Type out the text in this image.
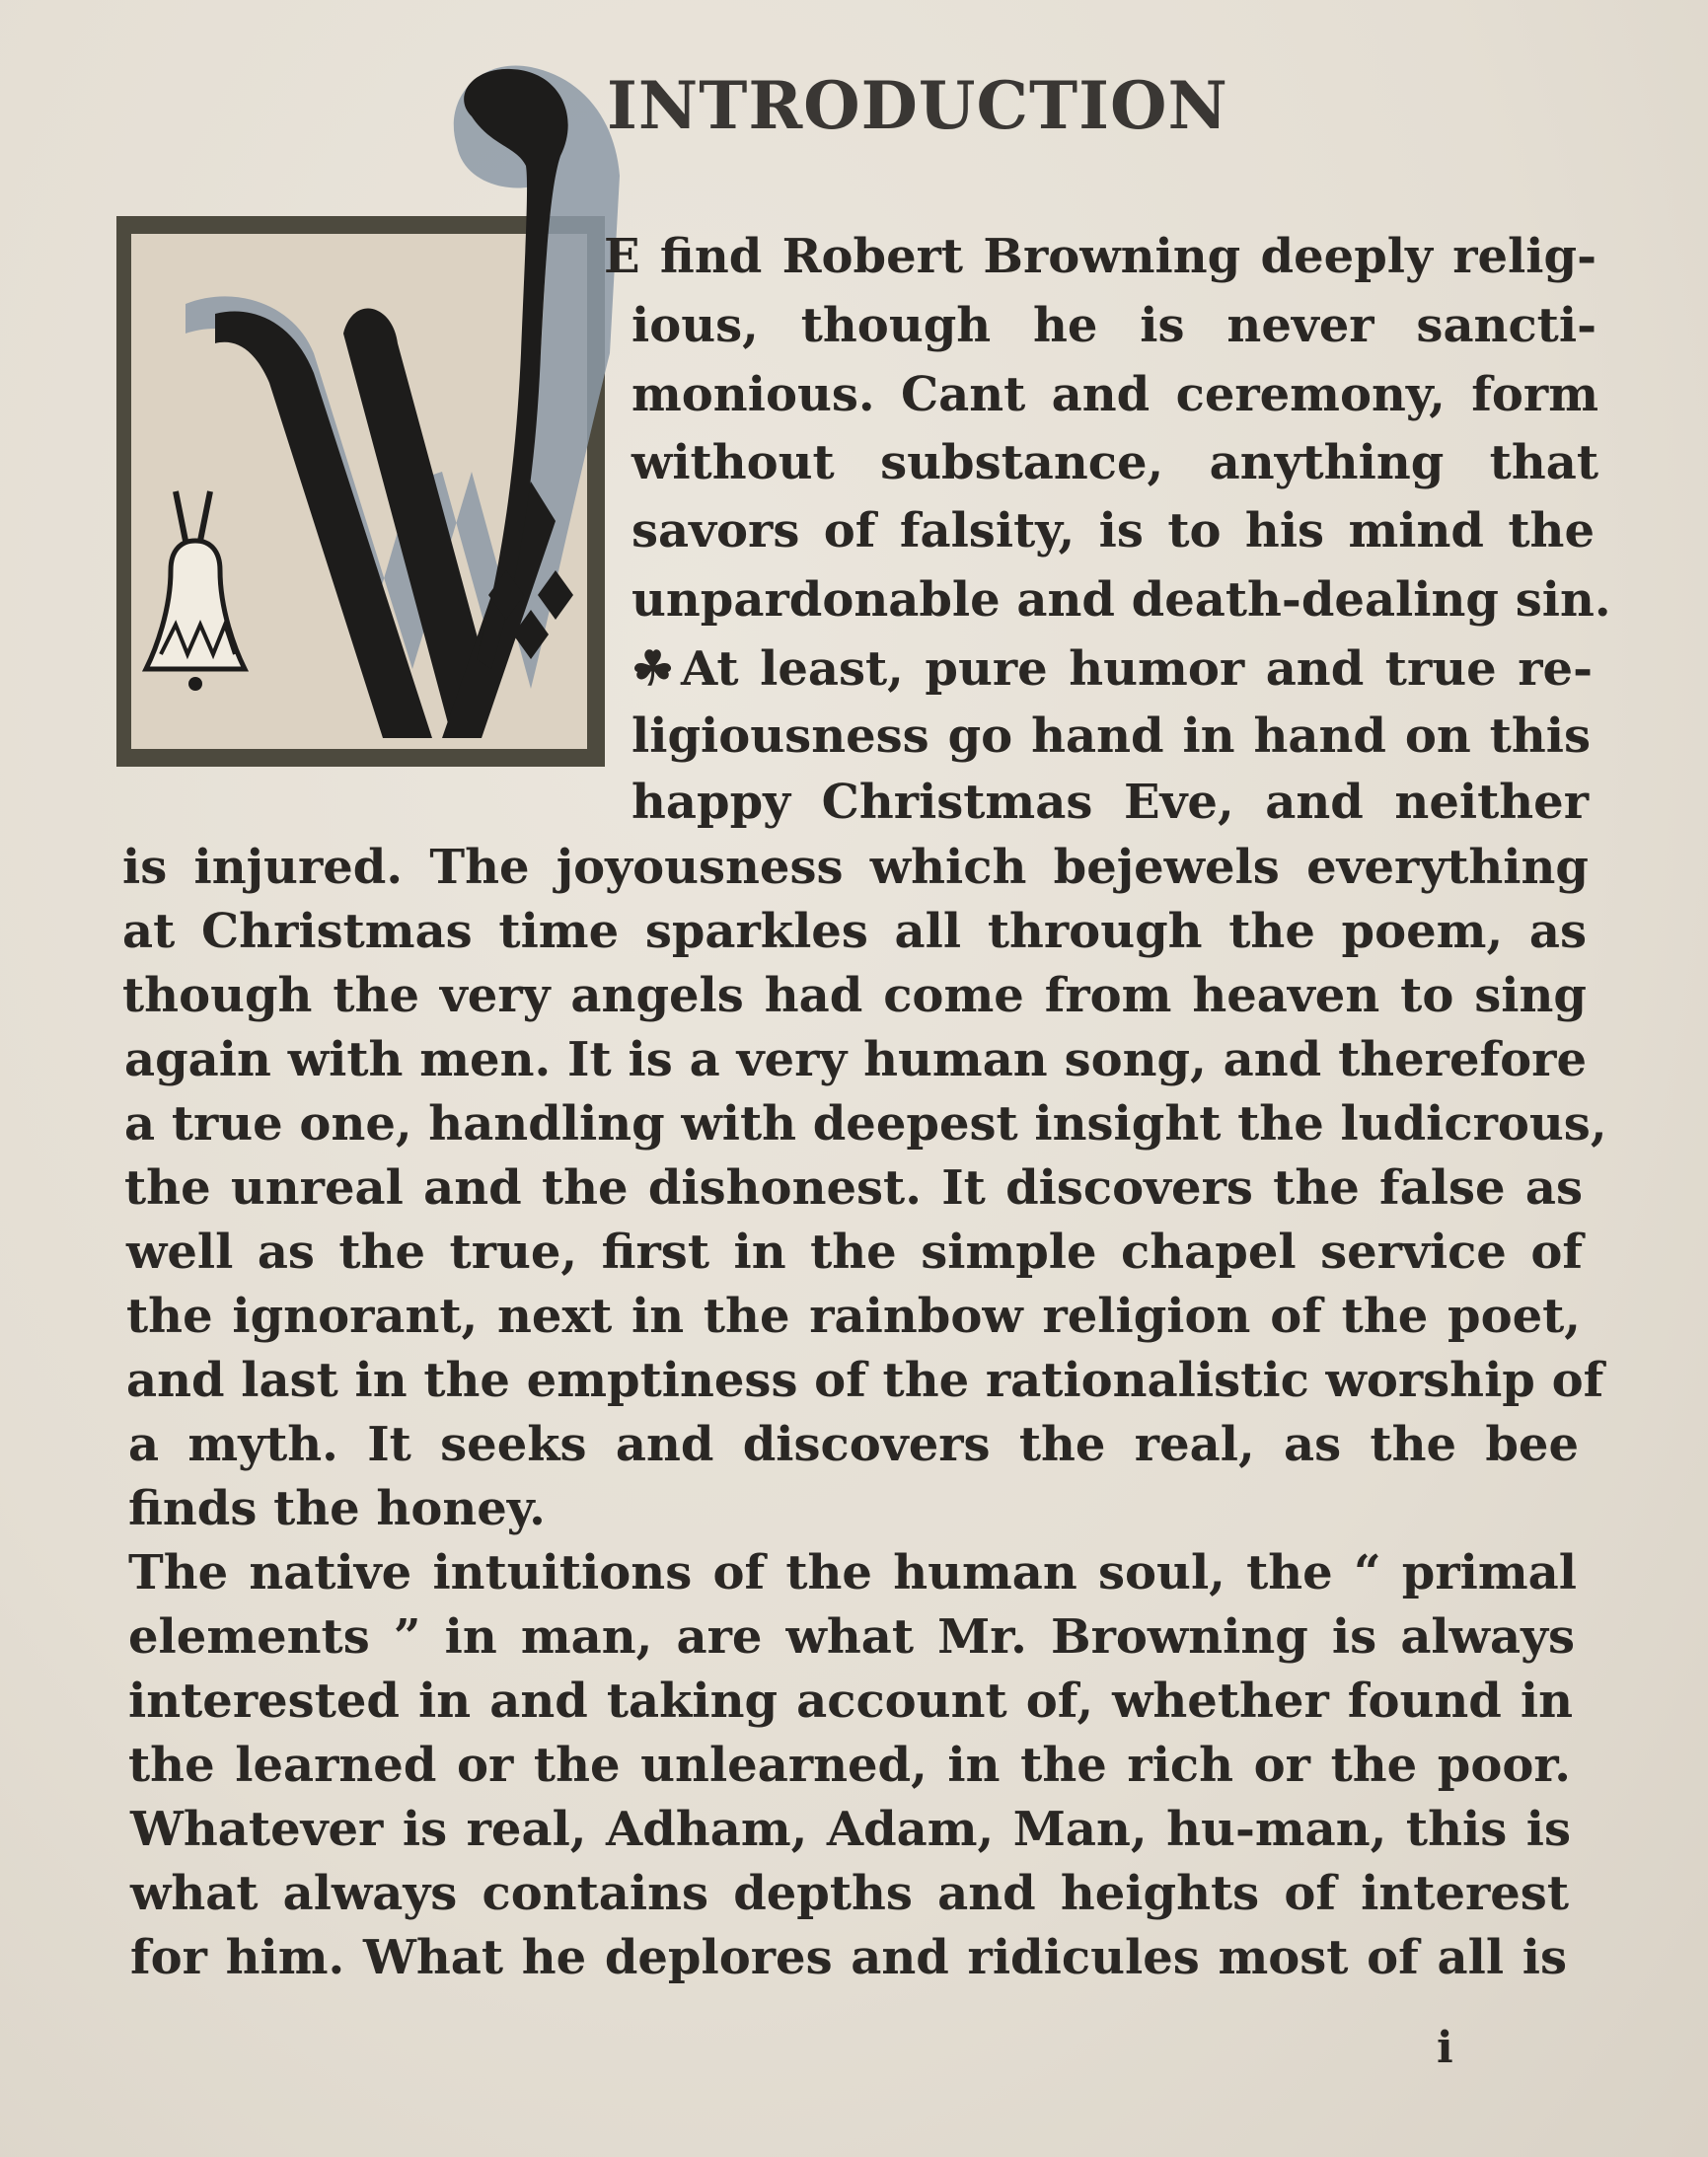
INTRODUCTION
E find Robert Browning deeply relig-
ious, though he is never sancti-
monious. Cant and ceremony, form
without substance, anything that
savors of falsity, is to his mind the
unpardonable and death-dealing sin.
☘ At least, pure humor and true re-
ligiousness go hand in hand on this
happy Christmas Eve, and neither
is injured. The joyousness which bejewels everything
at Christmas time sparkles all through the poem, as
though the very angels had come from heaven to sing
again with men. It is a very human song, and therefore
a true one, handling with deepest insight the ludicrous,
the unreal and the dishonest. It discovers the false as
well as the true, first in the simple chapel service of
the ignorant, next in the rainbow religion of the poet,
and last in the emptiness of the rationalistic worship of
a myth. It seeks and discovers the real, as the bee
finds the honey.
The native intuitions of the human soul, the “ primal
elements ” in man, are what Mr. Browning is always
interested in and taking account of, whether found in
the learned or the unlearned, in the rich or the poor.
Whatever is real, Adham, Adam, Man, hu-man, this is
what always contains depths and heights of interest
for him. What he deplores and ridicules most of all is
i
